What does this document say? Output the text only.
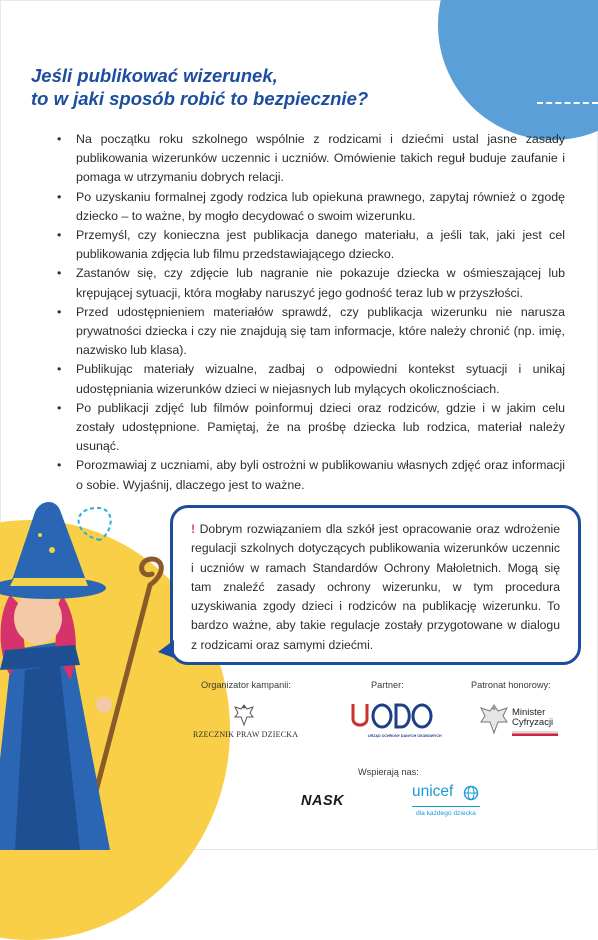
Jeśli publikować wizerunek,
to w jaki sposób robić to bezpiecznie?
• Na początku roku szkolnego wspólnie z rodzicami i dziećmi ustal jasne zasady publikowania wizerunków uczennic i uczniów. Omówienie takich reguł buduje zaufanie i pomaga w utrzymaniu dobrych relacji.
• Po uzyskaniu formalnej zgody rodzica lub opiekuna prawnego, zapytaj również o zgodę dziecko – to ważne, by mogło decydować o swoim wizerunku.
• Przemyśl, czy konieczna jest publikacja danego materiału, a jeśli tak, jaki jest cel publikowania zdjęcia lub filmu przedstawiającego dziecko.
• Zastanów się, czy zdjęcie lub nagranie nie pokazuje dziecka w ośmieszającej lub krępującej sytuacji, która mogłaby naruszyć jego godność teraz lub w przyszłości.
• Przed udostępnieniem materiałów sprawdź, czy publikacja wizerunku nie narusza prywatności dziecka i czy nie znajdują się tam informacje, które należy chronić (np. imię, nazwisko lub klasa).
• Publikując materiały wizualne, zadbaj o odpowiedni kontekst sytuacji i unikaj udostępniania wizerunków dzieci w niejasnych lub mylących okolicznościach.
• Po publikacji zdjęć lub filmów poinformuj dzieci oraz rodziców, gdzie i w jakim celu zostały udostępnione. Pamiętaj, że na prośbę dziecka lub rodzica, materiał należy usunąć.
• Porozmawiaj z uczniami, aby byli ostrożni w publikowaniu własnych zdjęć oraz informacji o sobie. Wyjaśnij, dlaczego jest to ważne.

! Dobrym rozwiązaniem dla szkół jest opracowanie oraz wdrożenie regulacji szkolnych dotyczących publikowania wizerunków uczennic i uczniów w ramach Standardów Ochrony Małoletnich. Mogą się tam znaleźć zasady ochrony wizerunku, w tym procedura uzyskiwania zgody dzieci i rodziców na publikację wizerunku. To bardzo ważne, aby takie regulacje zostały przygotowane w dialogu z rodzicami oraz samymi dziećmi.

Organizator kampanii:	Partner:	Patronat honorowy:
Wspierają nas:
RZECZNIK PRAW DZIECKA	URZĄD OCHRONY DANYCH OSOBOWYCH
Minister
Cyfryzacji
NASK
unicef
dla każdego dziecka
